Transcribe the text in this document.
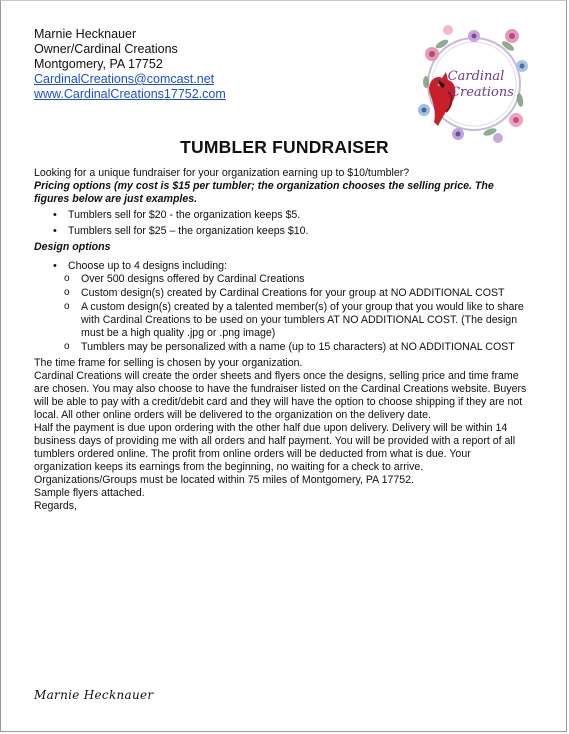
Marnie Hecknauer
Owner/Cardinal Creations
Montgomery, PA 17752
CardinalCreations@comcast.net
www.CardinalCreations17752.com
Cardinal
Creations
TUMBLER FUNDRAISER

Looking for a unique fundraiser for your organization earning up to $10/tumbler?

Pricing options (my cost is $15 per tumbler; the organization chooses the selling price. The figures below are just examples.

• Tumblers sell for $20 - the organization keeps $5.
• Tumblers sell for $25 – the organization keeps $10.

Design options

• Choose up to 4 designs including:
o Over 500 designs offered by Cardinal Creations
o Custom design(s) created by Cardinal Creations for your group at NO ADDITIONAL COST
o A custom design(s) created by a talented member(s) of your group that you would like to share with Cardinal Creations to be used on your tumblers AT NO ADDITIONAL COST. (The design must be a high quality .jpg or .png image)
o Tumblers may be personalized with a name (up to 15 characters) at NO ADDITIONAL COST

The time frame for selling is chosen by your organization.

Cardinal Creations will create the order sheets and flyers once the designs, selling price and time frame are chosen. You may also choose to have the fundraiser listed on the Cardinal Creations website. Buyers will be able to pay with a credit/debit card and they will have the option to choose shipping if they are not local. All other online orders will be delivered to the organization on the delivery date.

Half the payment is due upon ordering with the other half due upon delivery. Delivery will be within 14 business days of providing me with all orders and half payment. You will be provided with a report of all tumblers ordered online. The profit from online orders will be deducted from what is due. Your organization keeps its earnings from the beginning, no waiting for a check to arrive.

Organizations/Groups must be located within 75 miles of Montgomery, PA 17752.

Sample flyers attached.

Regards,

Marnie Hecknauer
